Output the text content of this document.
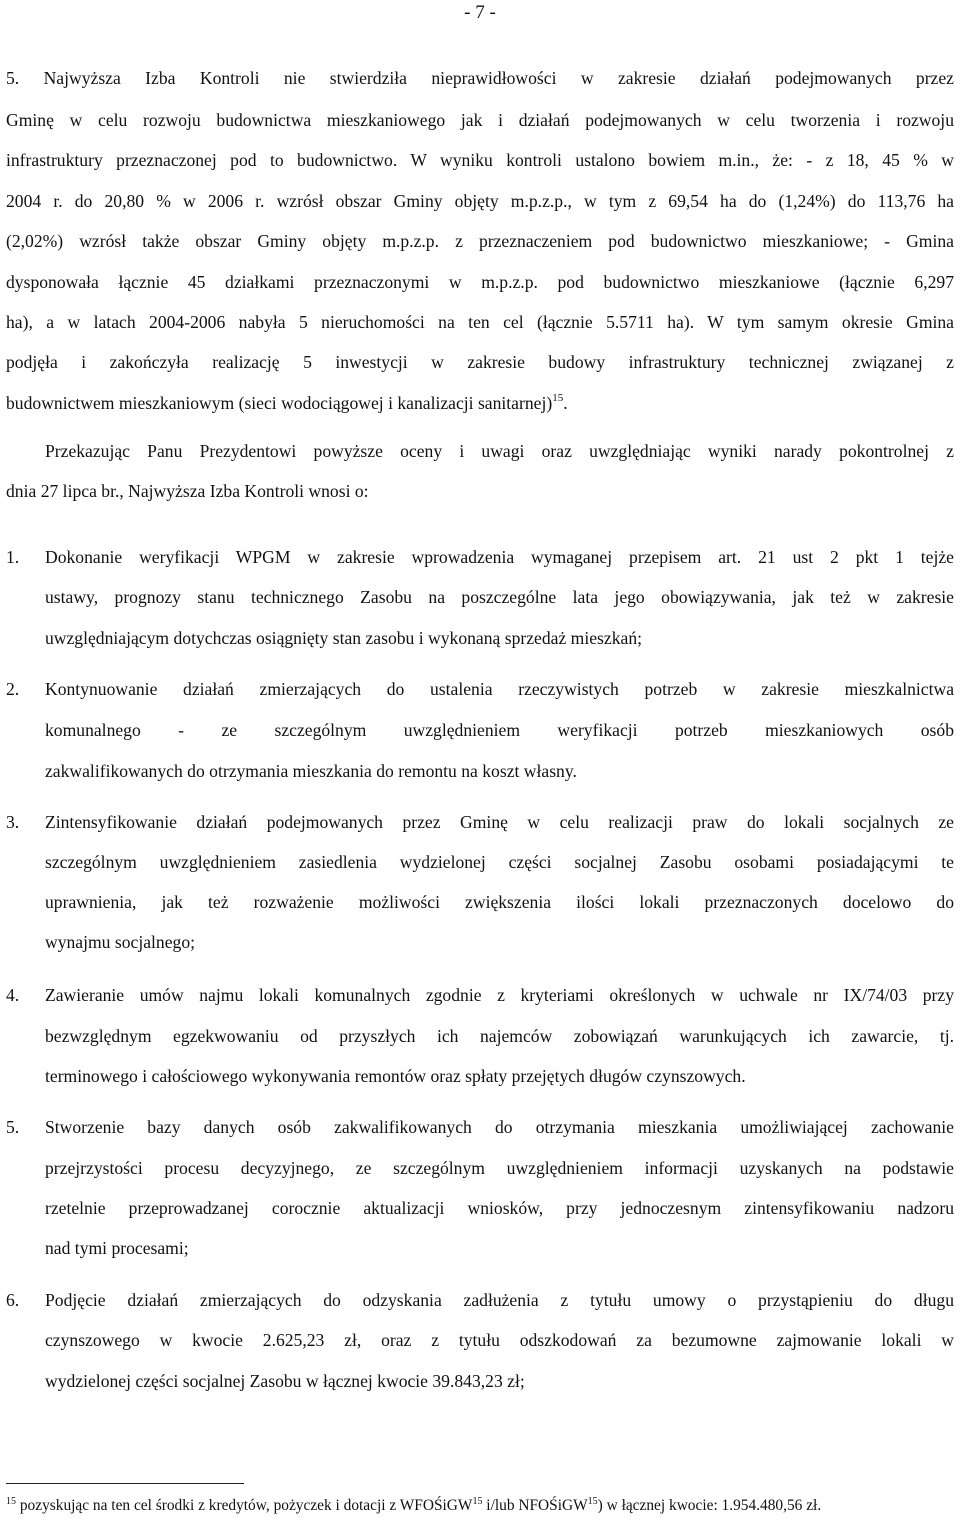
- 7 -
5. Najwyższa Izba Kontroli nie stwierdziła nieprawidłowości w zakresie działań podejmowanych przez
Gminę w celu rozwoju budownictwa mieszkaniowego jak i działań podejmowanych w celu tworzenia i rozwoju
infrastruktury przeznaczonej pod to budownictwo. W wyniku kontroli ustalono bowiem m.in., że: - z 18, 45 % w
2004 r. do 20,80 % w 2006 r. wzrósł obszar Gminy objęty m.p.z.p., w tym z 69,54 ha do (1,24%) do 113,76 ha
(2,02%) wzrósł także obszar Gminy objęty m.p.z.p. z przeznaczeniem pod budownictwo mieszkaniowe; - Gmina
dysponowała łącznie 45 działkami przeznaczonymi w m.p.z.p. pod budownictwo mieszkaniowe (łącznie 6,297
ha), a w latach 2004-2006 nabyła 5 nieruchomości na ten cel (łącznie 5.5711 ha). W tym samym okresie Gmina
podjęła i zakończyła realizację 5 inwestycji w zakresie budowy infrastruktury technicznej związanej z
budownictwem mieszkaniowym (sieci wodociągowej i kanalizacji sanitarnej)$^{15}$.
Przekazując Panu Prezydentowi powyższe oceny i uwagi oraz uwzględniając wyniki narady pokontrolnej z
dnia 27 lipca br., Najwyższa Izba Kontroli wnosi o:
1. Dokonanie weryfikacji WPGM w zakresie wprowadzenia wymaganej przepisem art. 21 ust 2 pkt 1 tejże
ustawy, prognozy stanu technicznego Zasobu na poszczególne lata jego obowiązywania, jak też w zakresie
uwzględniającym dotychczas osiągnięty stan zasobu i wykonaną sprzedaż mieszkań;
2. Kontynuowanie działań zmierzających do ustalenia rzeczywistych potrzeb w zakresie mieszkalnictwa
komunalnego - ze szczególnym uwzględnieniem weryfikacji potrzeb mieszkaniowych osób
zakwalifikowanych do otrzymania mieszkania do remontu na koszt własny.
3. Zintensyfikowanie działań podejmowanych przez Gminę w celu realizacji praw do lokali socjalnych ze
szczególnym uwzględnieniem zasiedlenia wydzielonej części socjalnej Zasobu osobami posiadającymi te
uprawnienia, jak też rozważenie możliwości zwiększenia ilości lokali przeznaczonych docelowo do
wynajmu socjalnego;
4. Zawieranie umów najmu lokali komunalnych zgodnie z kryteriami określonych w uchwale nr IX/74/03 przy
bezwzględnym egzekwowaniu od przyszłych ich najemców zobowiązań warunkujących ich zawarcie, tj.
terminowego i całościowego wykonywania remontów oraz spłaty przejętych długów czynszowych.
5. Stworzenie bazy danych osób zakwalifikowanych do otrzymania mieszkania umożliwiającej zachowanie
przejrzystości procesu decyzyjnego, ze szczególnym uwzględnieniem informacji uzyskanych na podstawie
rzetelnie przeprowadzanej corocznie aktualizacji wniosków, przy jednoczesnym zintensyfikowaniu nadzoru
nad tymi procesami;
6. Podjęcie działań zmierzających do odzyskania zadłużenia z tytułu umowy o przystąpieniu do długu
czynszowego w kwocie 2.625,23 zł, oraz z tytułu odszkodowań za bezumowne zajmowanie lokali w
wydzielonej części socjalnej Zasobu w łącznej kwocie 39.843,23 zł;
$^{15}$ pozyskując na ten cel środki z kredytów, pożyczek i dotacji z WFOŚiGW$^{15}$ i/lub NFOŚiGW$^{15}$) w łącznej kwocie: 1.954.480,56 zł.
